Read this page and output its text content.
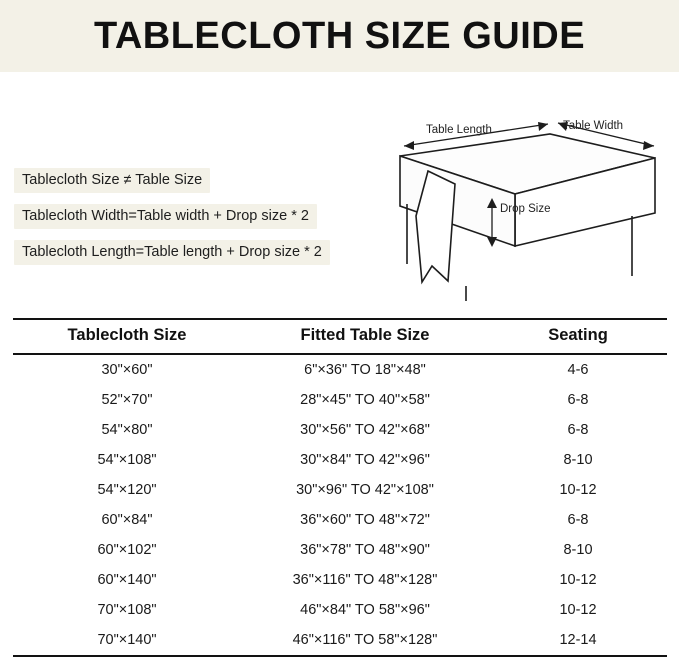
TABLECLOTH SIZE GUIDE
Tablecloth Size ≠ Table Size
Tablecloth Width=Table width + Drop size * 2
Tablecloth Length=Table length + Drop size * 2
Table Length	Table Width
Drop Size
Tablecloth Size	Fitted Table Size	Seating
30"×60"	6"×36" TO 18"×48"	4-6
52"×70"	28"×45" TO 40"×58"	6-8
54"×80"	30"×56" TO 42"×68"	6-8
54"×108"	30"×84" TO 42"×96"	8-10
54"×120"	30"×96" TO 42"×108"	10-12
60"×84"	36"×60" TO 48"×72"	6-8
60"×102"	36"×78" TO 48"×90"	8-10
60"×140"	36"×116" TO 48"×128"	10-12
70"×108"	46"×84" TO 58"×96"	10-12
70"×140"	46"×116" TO 58"×128"	12-14
